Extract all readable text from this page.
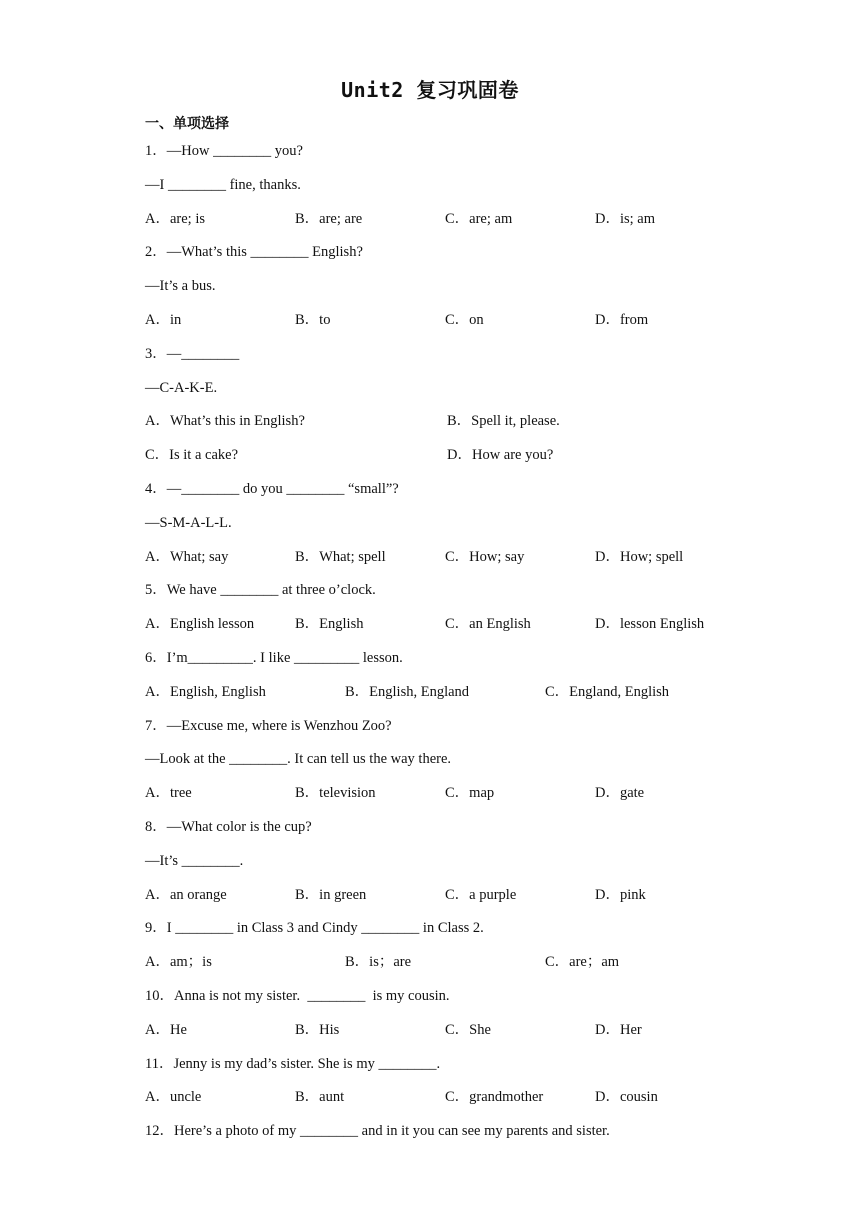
Unit2 复习巩固卷
一、单项选择
1．—How ________ you?
—I ________ fine, thanks.
A．are; is	B．are; are	C．are; am	D．is; am
2．—What’s this ________ English?
—It’s a bus.
A．in	B．to	C．on	D．from
3．—________
—C-A-K-E.
A．What’s this in English?	B．Spell it, please.
C．Is it a cake?	D．How are you?
4．—________ do you ________ “small”?
—S-M-A-L-L.
A．What; say	B．What; spell	C．How; say	D．How; spell
5．We have ________ at three o’clock.
A．English lesson	B．English	C．an English	D．lesson English
6．I’m_________. I like _________ lesson.
A．English, English	B．English, England	C．England, English
7．—Excuse me, where is Wenzhou Zoo?
—Look at the ________. It can tell us the way there.
A．tree	B．television	C．map	D．gate
8．—What color is the cup?
—It’s ________.
A．an orange	B．in green	C．a purple	D．pink
9．I ________ in Class 3 and Cindy ________ in Class 2.
A．am；is	B．is；are	C．are；am
10．Anna is not my sister.  ________  is my cousin.
A．He	B．His	C．She	D．Her
11．Jenny is my dad’s sister. She is my ________.
A．uncle	B．aunt	C．grandmother	D．cousin
12．Here’s a photo of my ________ and in it you can see my parents and sister.
